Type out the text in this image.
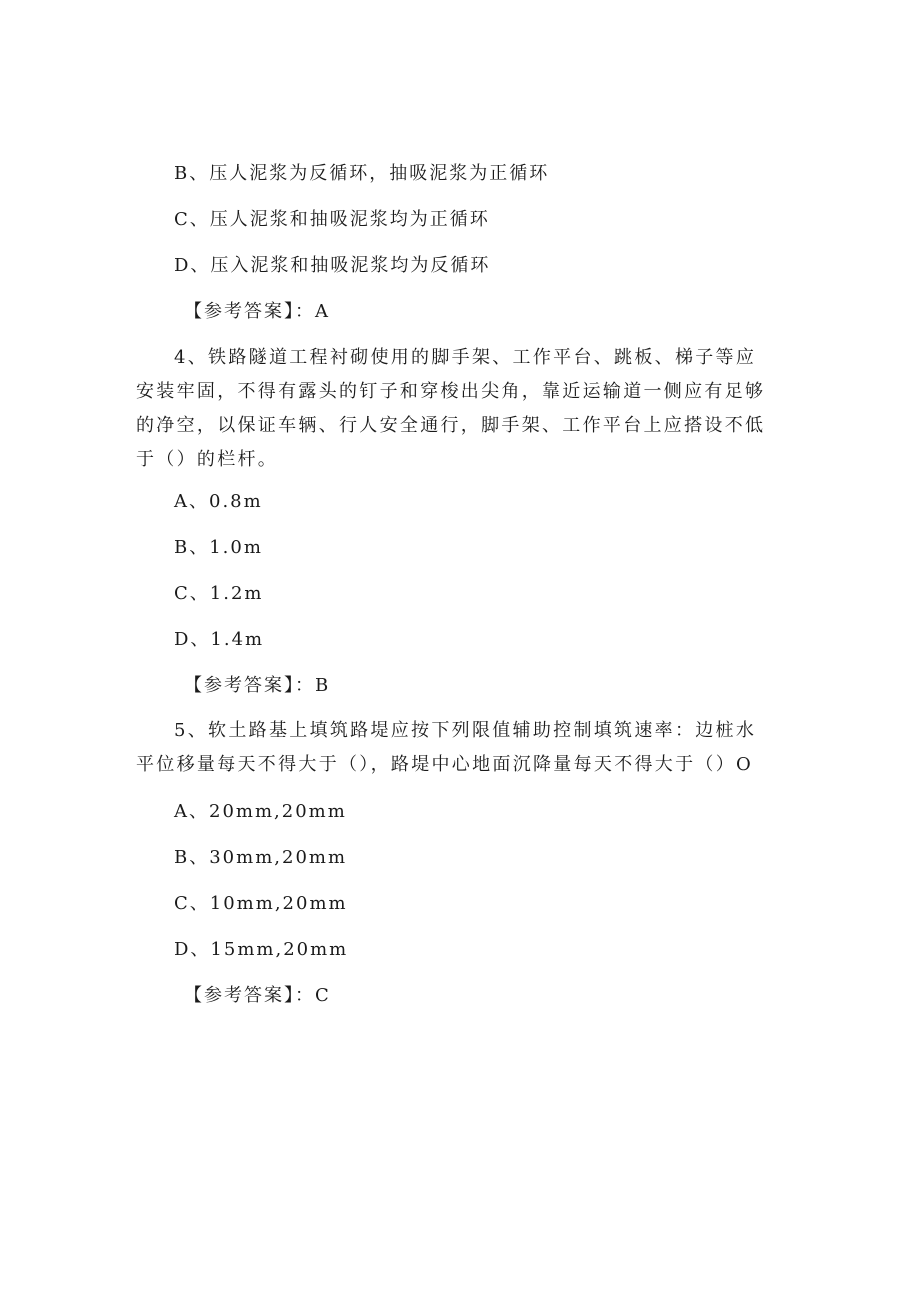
B、压人泥浆为反循环，抽吸泥浆为正循环
C、压人泥浆和抽吸泥浆均为正循环
D、压入泥浆和抽吸泥浆均为反循环
【参考答案】：A
4、铁路隧道工程衬砌使用的脚手架、工作平台、跳板、梯子等应安装牢固，不得有露头的钉子和穿梭出尖角，靠近运输道一侧应有足够的净空，以保证车辆、行人安全通行，脚手架、工作平台上应搭设不低于（）的栏杆。
A、0.8m
B、1.0m
C、1.2m
D、1.4m
【参考答案】：B
5、软土路基上填筑路堤应按下列限值辅助控制填筑速率：边桩水平位移量每天不得大于（），路堤中心地面沉降量每天不得大于（）O
A、20mm,20mm
B、30mm,20mm
C、10mm,20mm
D、15mm,20mm
【参考答案】：C
